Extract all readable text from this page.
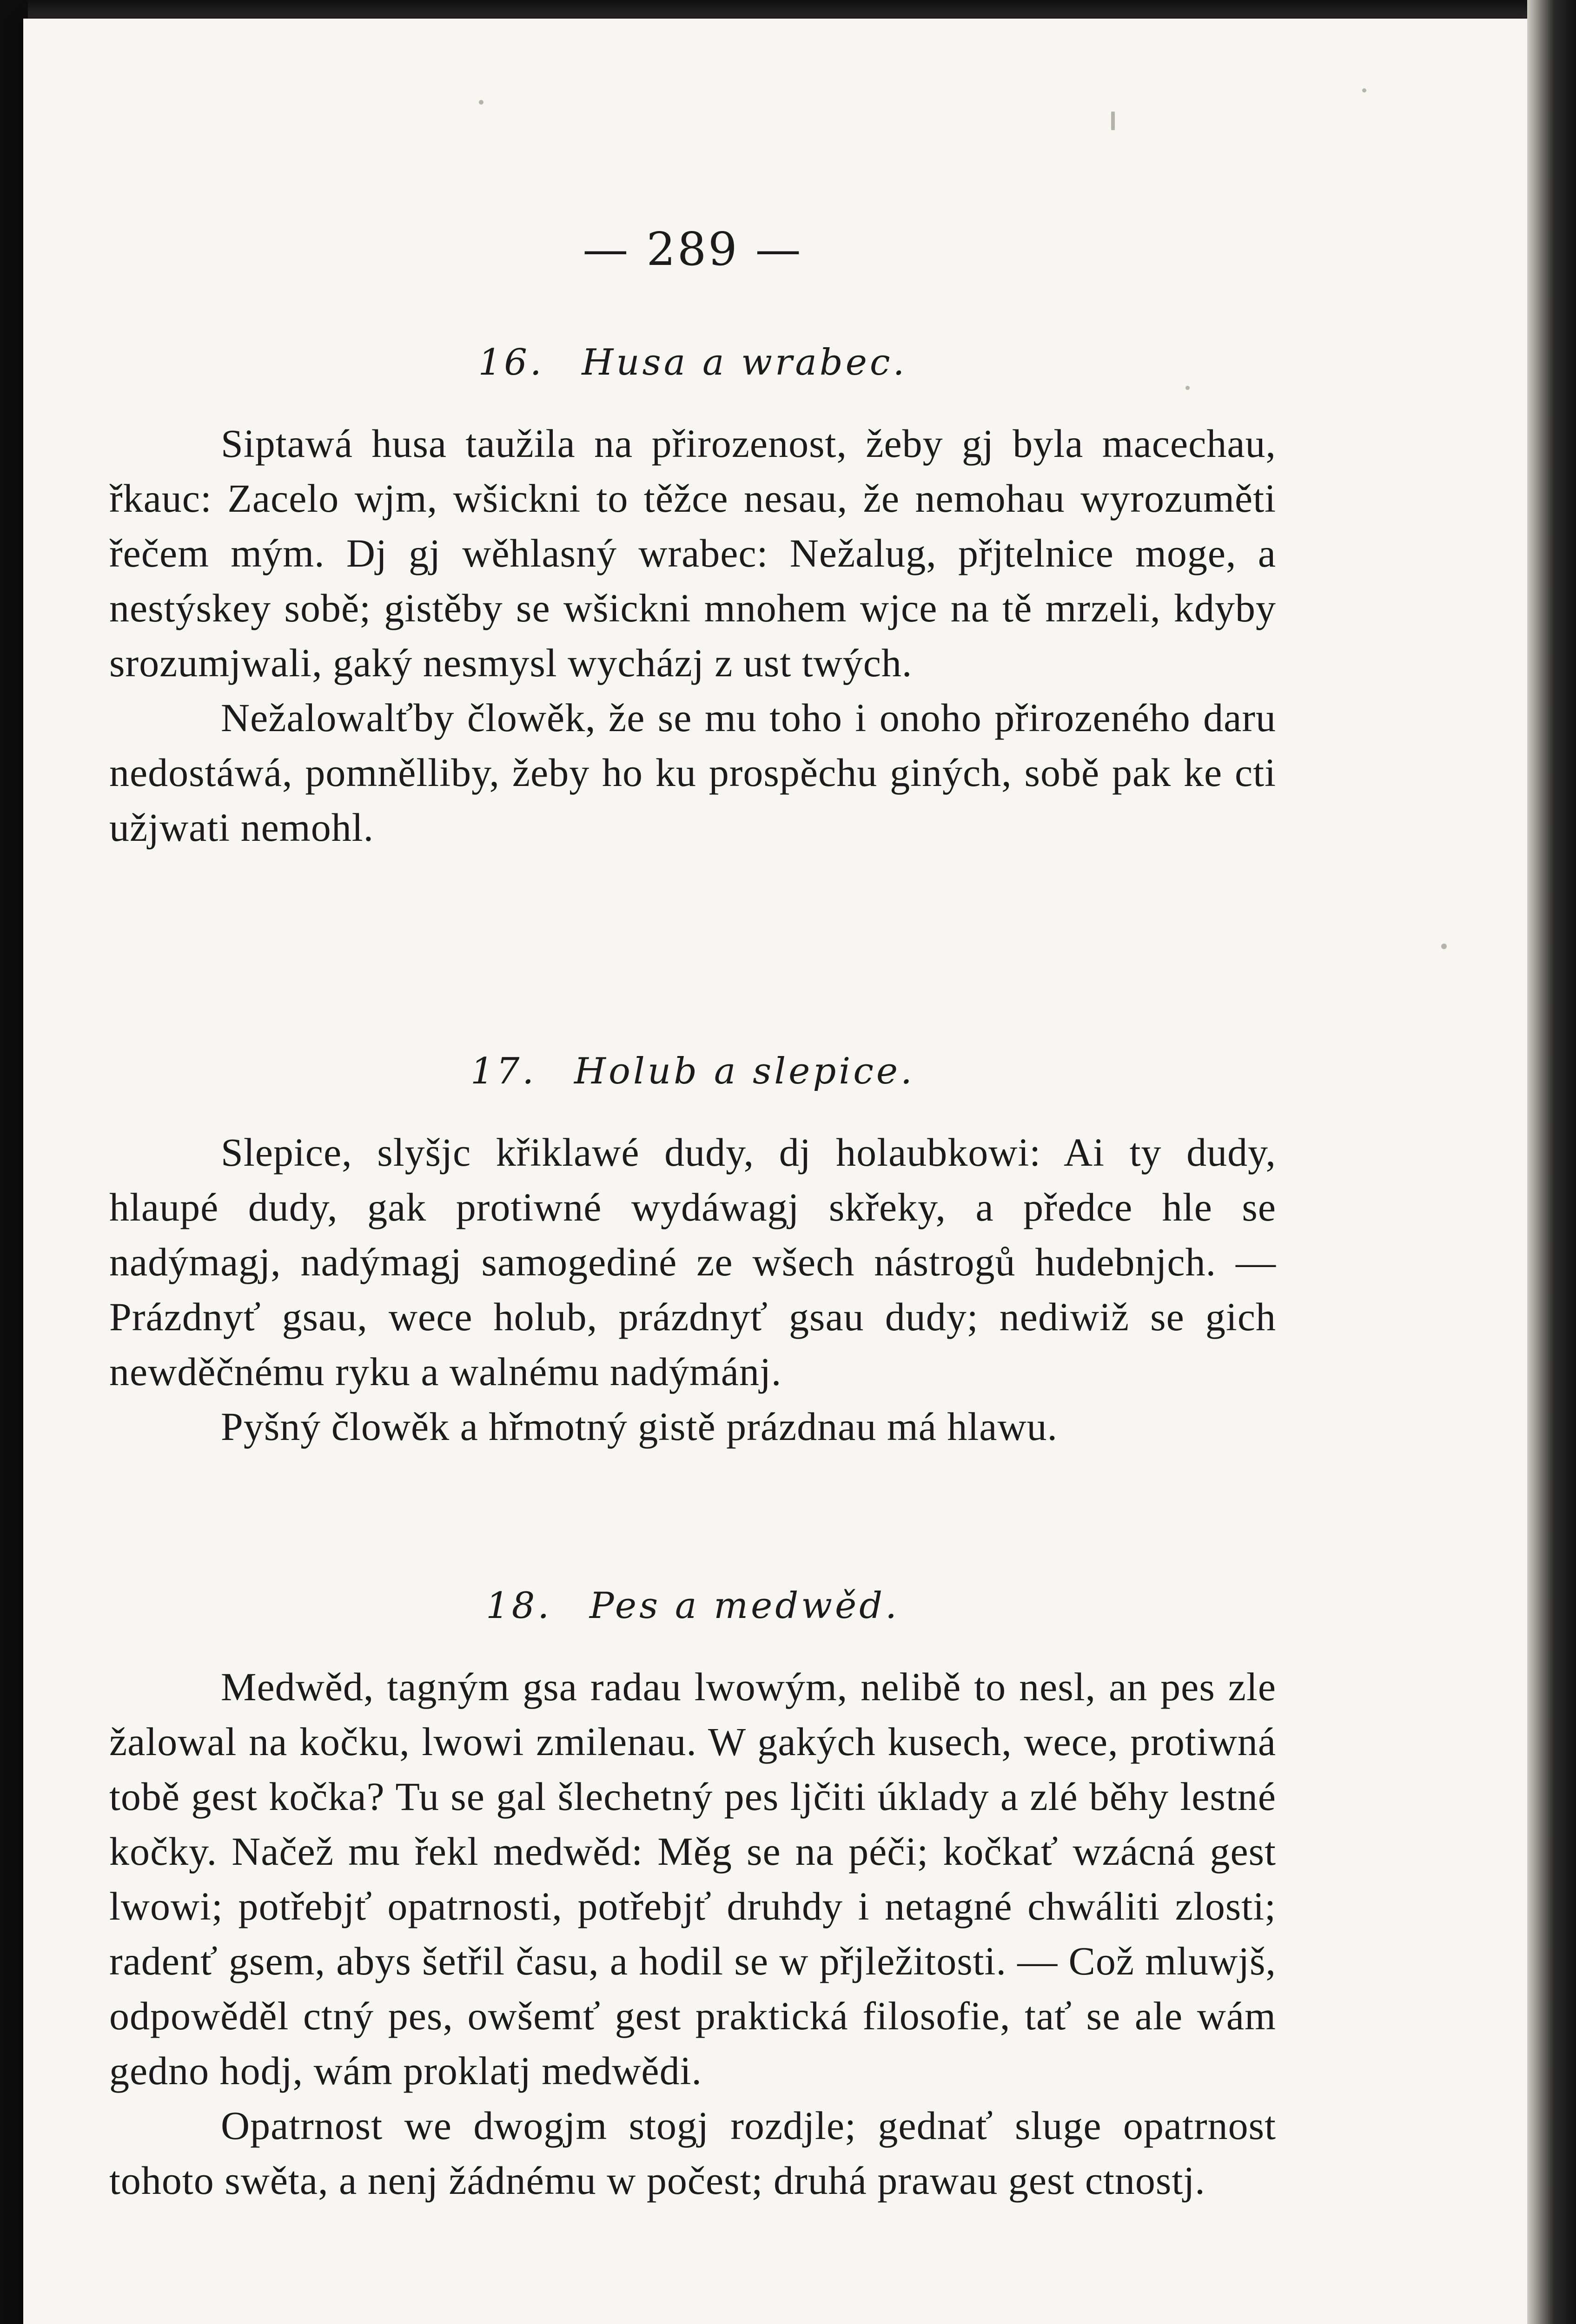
— 289 —
16. Husa a wrabec.

Siptawá husa taužila na přirozenost, žeby gj byla macechau, řkauc: Zacelo wjm, wšickni to těžce nesau, že nemohau wyrozuměti řečem mým. Dj gj wěhlasný wrabec: Nežalug, přjtelnice moge, a nestýskey sobě; gistěby se wšickni mnohem wjce na tě mrzeli, kdyby srozumjwali, gaký nesmysl wycházj z ust twých.

Nežalowalťby člowěk, že se mu toho i onoho přirozeného daru nedostáwá, pomnělliby, žeby ho ku prospěchu giných, sobě pak ke cti užjwati nemohl.

17. Holub a slepice.

Slepice, slyšjc křiklawé dudy, dj holaubkowi: Ai ty dudy, hlaupé dudy, gak protiwné wydáwagj skřeky, a předce hle se nadýmagj, nadýmagj samogediné ze wšech nástrogů hudebnjch. — Prázdnyť gsau, wece holub, prázdnyť gsau dudy; nediwiž se gich newděčnému ryku a walnému nadýmánj.

Pyšný člowěk a hřmotný gistě prázdnau má hlawu.

18. Pes a medwěd.

Medwěd, tagným gsa radau lwowým, nelibě to nesl, an pes zle žalowal na kočku, lwowi zmilenau. W gakých kusech, wece, protiwná tobě gest kočka? Tu se gal šlechetný pes ljčiti úklady a zlé běhy lestné kočky. Načež mu řekl medwěd: Měg se na péči; kočkať wzácná gest lwowi; potřebjť opatrnosti, potřebjť druhdy i netagné chwáliti zlosti; radenť gsem, abys šetřil času, a hodil se w přjležitosti. — Což mluwjš, odpowěděl ctný pes, owšemť gest praktická filosofie, tať se ale wám gedno hodj, wám proklatj medwědi.

Opatrnost we dwogjm stogj rozdjle; gednať sluge opatrnost tohoto swěta, a nenj žádnému w počest; druhá prawau gest ctnostj.
